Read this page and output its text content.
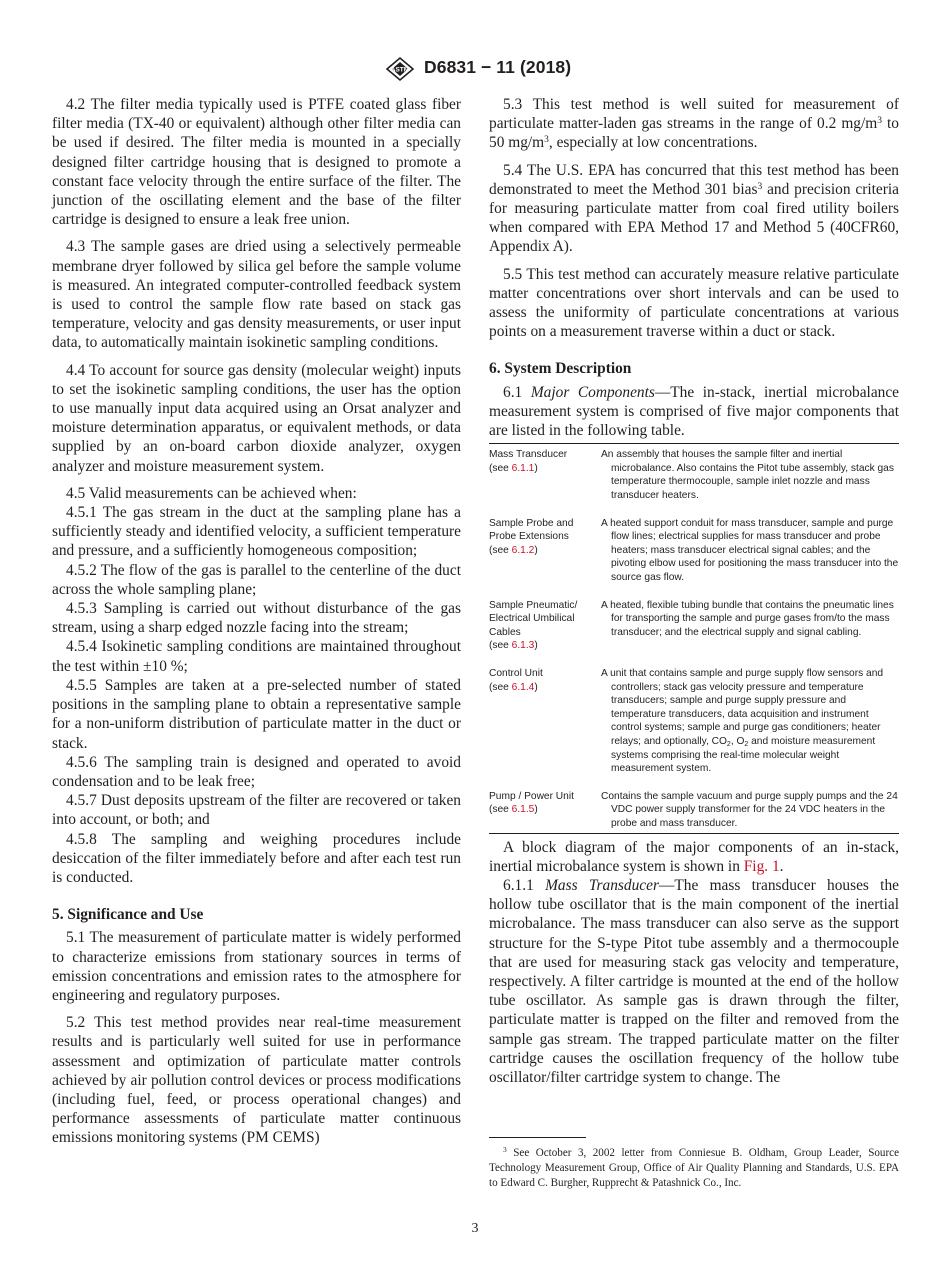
ASTM D6831 − 11 (2018)

4.2 The filter media typically used is PTFE coated glass fiber filter media (TX-40 or equivalent) although other filter media can be used if desired. The filter media is mounted in a specially designed filter cartridge housing that is designed to promote a constant face velocity through the entire surface of the filter. The junction of the oscillating element and the base of the filter cartridge is designed to ensure a leak free union.

4.3 The sample gases are dried using a selectively permeable membrane dryer followed by silica gel before the sample volume is measured. An integrated computer-controlled feedback system is used to control the sample flow rate based on stack gas temperature, velocity and gas density measurements, or user input data, to automatically maintain isokinetic sampling conditions.

4.4 To account for source gas density (molecular weight) inputs to set the isokinetic sampling conditions, the user has the option to use manually input data acquired using an Orsat analyzer and moisture determination apparatus, or equivalent methods, or data supplied by an on-board carbon dioxide analyzer, oxygen analyzer and moisture measurement system.

4.5 Valid measurements can be achieved when:

4.5.1 The gas stream in the duct at the sampling plane has a sufficiently steady and identified velocity, a sufficient temperature and pressure, and a sufficiently homogeneous composition;

4.5.2 The flow of the gas is parallel to the centerline of the duct across the whole sampling plane;

4.5.3 Sampling is carried out without disturbance of the gas stream, using a sharp edged nozzle facing into the stream;

4.5.4 Isokinetic sampling conditions are maintained throughout the test within ±10 %;

4.5.5 Samples are taken at a pre-selected number of stated positions in the sampling plane to obtain a representative sample for a non-uniform distribution of particulate matter in the duct or stack.

4.5.6 The sampling train is designed and operated to avoid condensation and to be leak free;

4.5.7 Dust deposits upstream of the filter are recovered or taken into account, or both; and

4.5.8 The sampling and weighing procedures include desiccation of the filter immediately before and after each test run is conducted.

5. Significance and Use

5.1 The measurement of particulate matter is widely performed to characterize emissions from stationary sources in terms of emission concentrations and emission rates to the atmosphere for engineering and regulatory purposes.

5.2 This test method provides near real-time measurement results and is particularly well suited for use in performance assessment and optimization of particulate matter controls achieved by air pollution control devices or process modifications (including fuel, feed, or process operational changes) and performance assessments of particulate matter continuous emissions monitoring systems (PM CEMS)

5.3 This test method is well suited for measurement of particulate matter-laden gas streams in the range of 0.2 $mg/m^3$ to 50 $mg/m^3$, especially at low concentrations.

5.4 The U.S. EPA has concurred that this test method has been demonstrated to meet the Method 301 bias$^3$ and precision criteria for measuring particulate matter from coal fired utility boilers when compared with EPA Method 17 and Method 5 (40CFR60, Appendix A).

5.5 This test method can accurately measure relative particulate matter concentrations over short intervals and can be used to assess the uniformity of particulate concentrations at various points on a measurement traverse within a duct or stack.

6. System Description

6.1 Major Components—The in-stack, inertial microbalance measurement system is comprised of five major components that are listed in the following table.

Mass Transducer
(see 6.1.1)	An assembly that houses the sample filter and inertial microbalance. Also contains the Pitot tube assembly, stack gas temperature thermocouple, sample inlet nozzle and mass transducer heaters.
Sample Probe and Probe Extensions
(see 6.1.2)	A heated support conduit for mass transducer, sample and purge flow lines; electrical supplies for mass transducer and probe heaters; mass transducer electrical signal cables; and the pivoting elbow used for positioning the mass transducer into the source gas flow.
Sample Pneumatic/ Electrical Umbilical Cables
(see 6.1.3)	A heated, flexible tubing bundle that contains the pneumatic lines for transporting the sample and purge gases from/to the mass transducer; and the electrical supply and signal cabling.
Control Unit
(see 6.1.4)	A unit that contains sample and purge supply flow sensors and controllers; stack gas velocity pressure and temperature transducers; sample and purge supply pressure and temperature transducers, data acquisition and instrument control systems; sample and purge gas conditioners; heater relays; and optionally, $CO_2$, $O_2$ and moisture measurement systems comprising the real-time molecular weight measurement system.
Pump / Power Unit
(see 6.1.5)	Contains the sample vacuum and purge supply pumps and the 24 VDC power supply transformer for the 24 VDC heaters in the probe and mass transducer.

A block diagram of the major components of an in-stack, inertial microbalance system is shown in Fig. 1.

6.1.1 Mass Transducer—The mass transducer houses the hollow tube oscillator that is the main component of the inertial microbalance. The mass transducer can also serve as the support structure for the S-type Pitot tube assembly and a thermocouple that are used for measuring stack gas velocity and temperature, respectively. A filter cartridge is mounted at the end of the hollow tube oscillator. As sample gas is drawn through the filter, particulate matter is trapped on the filter and removed from the sample gas stream. The trapped particulate matter on the filter cartridge causes the oscillation frequency of the hollow tube oscillator/filter cartridge system to change. The

$^3$ See October 3, 2002 letter from Conniesue B. Oldham, Group Leader, Source Technology Measurement Group, Office of Air Quality Planning and Standards, U.S. EPA to Edward C. Burgher, Rupprecht & Patashnick Co., Inc.

3
